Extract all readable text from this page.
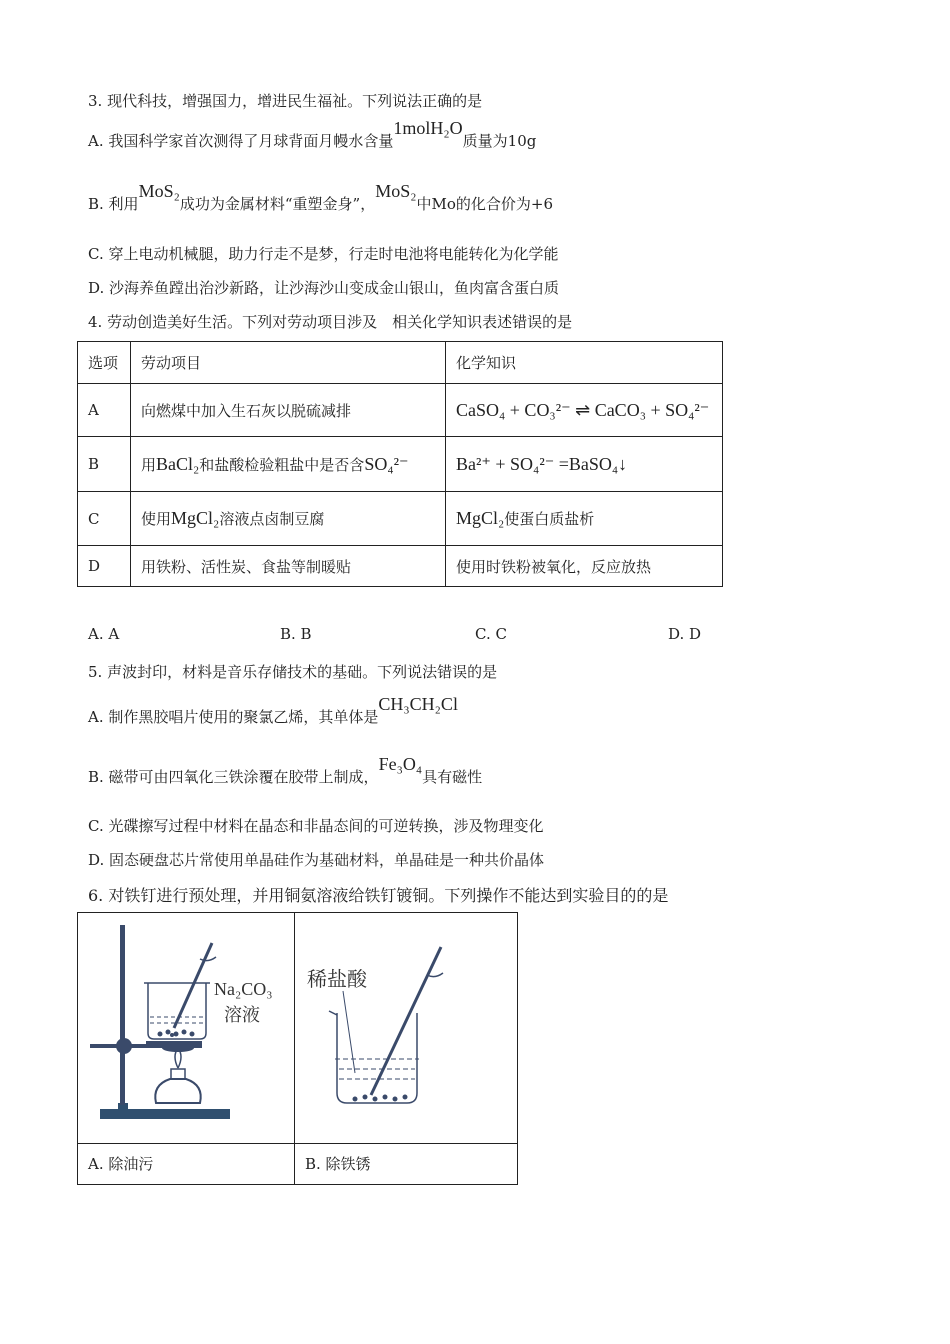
3. 现代科技，增强国力，增进民生福祉。下列说法正确的是
A. 我国科学家首次测得了月球背面月幔水含量1molH₂O质量为10g
B. 利用MoS₂成功为金属材料“重塑金身”，MoS₂中Mo的化合价为+6
C. 穿上电动机械腿，助力行走不是梦，行走时电池将电能转化为化学能
D. 沙海养鱼蹚出治沙新路，让沙海沙山变成金山银山，鱼肉富含蛋白质
4. 劳动创造美好生活。下列对劳动项目涉及　相关化学知识表述错误的是
选项	劳动项目	化学知识
A	向燃煤中加入生石灰以脱硫减排	CaSO₄ + CO₃²⁻ ⇌ CaCO₃ + SO₄²⁻
B	用BaCl₂和盐酸检验粗盐中是否含SO₄²⁻	Ba²⁺ + SO₄²⁻ =BaSO₄↓
C	使用MgCl₂溶液点卤制豆腐	MgCl₂使蛋白质盐析
D	用铁粉、活性炭、食盐等制暖贴	使用时铁粉被氧化，反应放热
A. A	B. B	C. C	D. D
5. 声波封印，材料是音乐存储技术的基础。下列说法错误的是
A. 制作黑胶唱片使用的聚氯乙烯，其单体是CH₃CH₂Cl
B. 磁带可由四氧化三铁涂覆在胶带上制成，Fe₃O₄具有磁性
C. 光碟擦写过程中材料在晶态和非晶态间的可逆转换，涉及物理变化
D. 固态硬盘芯片常使用单晶硅作为基础材料，单晶硅是一种共价晶体
6. 对铁钉进行预处理，并用铜氨溶液给铁钉镀铜。下列操作不能达到实验目的的是
Na₂CO₃
溶液	稀盐酸

A. 除油污	B. 除铁锈
